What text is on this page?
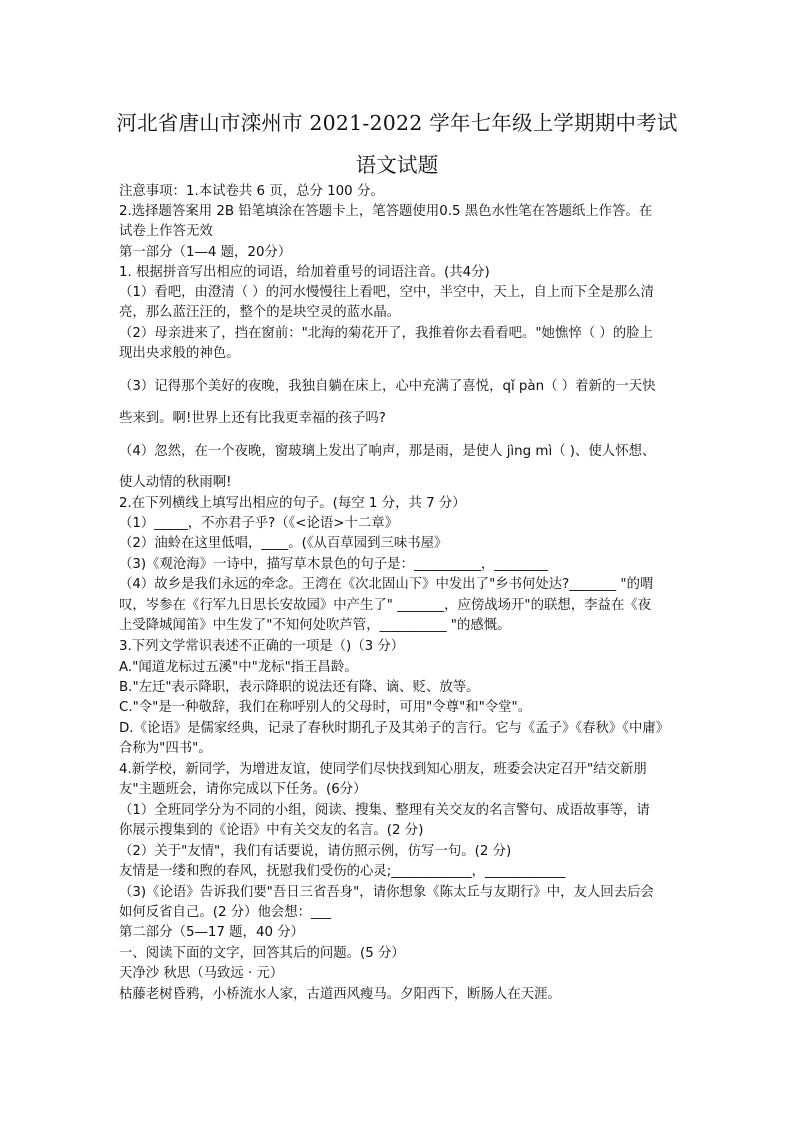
河北省唐山市滦州市 2021-2022 学年七年级上学期期中考试
语文试题
注意事项：1.本试卷共 6 页，总分 100 分。
2.选择题答案用 2B 铅笔填涂在答题卡上，笔答题使用0.5 黑色水性笔在答题纸上作答。在
试卷上作答无效
第一部分（1—4 题，20分）
1. 根据拼音写出相应的词语，给加着重号的词语注音。(共4分)
（1）看吧，由澄清（ ）的河水慢慢往上看吧，空中，半空中，天上，自上而下全是那么清
亮，那么蓝汪汪的，整个的是块空灵的蓝水晶。
（2）母亲进来了，挡在窗前："北海的菊花开了，我推着你去看看吧。"她憔悴（ ）的脸上
现出央求般的神色。
（3）记得那个美好的夜晚，我独自躺在床上，心中充满了喜悦，qǐ pàn（ ）着新的一天快
些来到。啊!世界上还有比我更幸福的孩子吗?
（4）忽然，在一个夜晚，窗玻璃上发出了响声，那是雨，是使人 jìng mì（ )、使人怀想、
使人动情的秋雨啊!
2.在下列横线上填写出相应的句子。(每空 1 分，共 7 分）
（1）_____，不亦君子乎?（《<论语>十二章》
（2）油蛉在这里低唱，____。(《从百草园到三味书屋》
（3)《观沧海》一诗中，描写草木景色的句子是：__________，________
（4）故乡是我们永远的牵念。王湾在《次北固山下》中发出了"乡书何处达?_______ "的喟
叹，岑参在《行军九日思长安故园》中产生了" _______，应傍战场开"的联想，李益在《夜
上受降城闻笛》中生发了"不知何处吹芦管，__________ "的感慨。
3.下列文学常识表述不正确的一项是（)（3 分）
A."闻道龙标过五溪"中"龙标"指王昌龄。
B."左迁"表示降职，表示降职的说法还有降、谪、贬、放等。
C."令"是一种敬辞，我们在称呼别人的父母时，可用"令尊"和"令堂"。
D.《论语》是儒家经典，记录了春秋时期孔子及其弟子的言行。它与《孟子》《春秋》《中庸》
合称为"四书"。
4.新学校，新同学，为增进友谊，使同学们尽快找到知心朋友，班委会决定召开"结交新朋
友"主题班会，请你完成以下任务。(6分）
（1）全班同学分为不同的小组，阅读、搜集、整理有关交友的名言警句、成语故事等，请
你展示搜集到的《论语》中有关交友的名言。(2 分)
（2）关于"友情"，我们有话要说，请仿照示例，仿写一句。(2 分)
友情是一缕和煦的春风，抚慰我们受伤的心灵;____________，____________
（3)《论语》告诉我们要"吾日三省吾身"，请你想象《陈太丘与友期行》中，友人回去后会
如何反省自己。(2 分）他会想：___
第二部分（5—17 题，40 分）
一、阅读下面的文字，回答其后的问题。(5 分）
天净沙 秋思（马致远 · 元）
枯藤老树昏鸦，小桥流水人家，古道西风瘦马。夕阳西下，断肠人在天涯。
